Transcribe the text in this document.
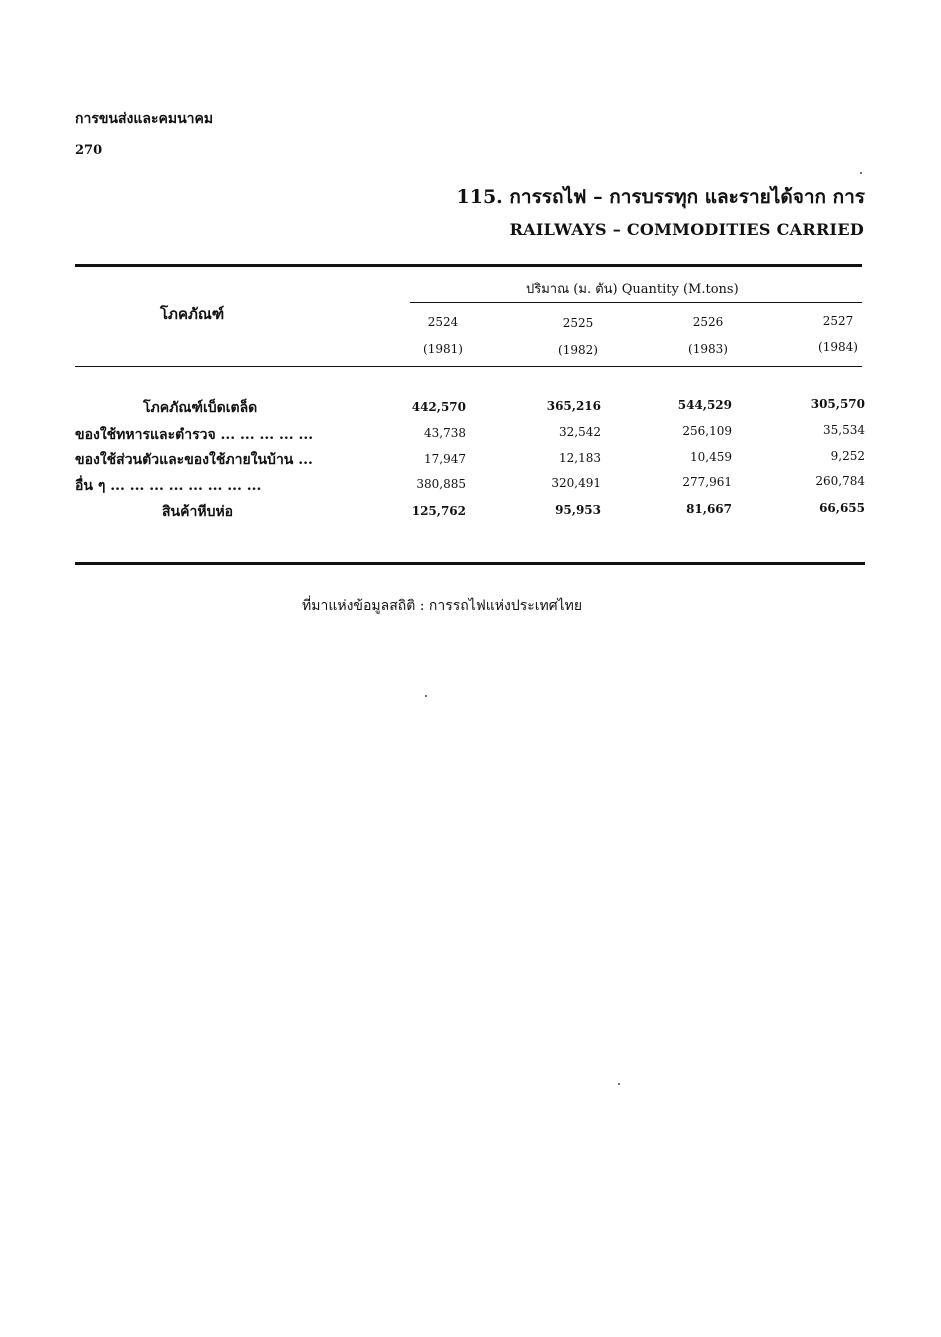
การขนส่งและคมนาคม
270
115. การรถไฟ – การบรรทุก และรายได้จาก การ
RAILWAYS – COMMODITIES CARRIED
โภคภัณฑ์
ปริมาณ (ม. ตัน) Quantity (M.tons)
2524
(1981)
2525
(1982)
2526
(1983)
2527
(1984)
โภคภัณฑ์เบ็ดเตล็ด	442,570	365,216	544,529	305,570
ของใช้ทหารและตำรวจ ... ... ... ... ...	43,738	32,542	256,109	35,534
ของใช้ส่วนตัวและของใช้ภายในบ้าน ...	17,947	12,183	10,459	9,252
อื่น ๆ ... ... ... ... ... ... ... ...	380,885	320,491	277,961	260,784
สินค้าหีบห่อ	125,762	95,953	81,667	66,655
ที่มาแห่งข้อมูลสถิติ : การรถไฟแห่งประเทศไทย
